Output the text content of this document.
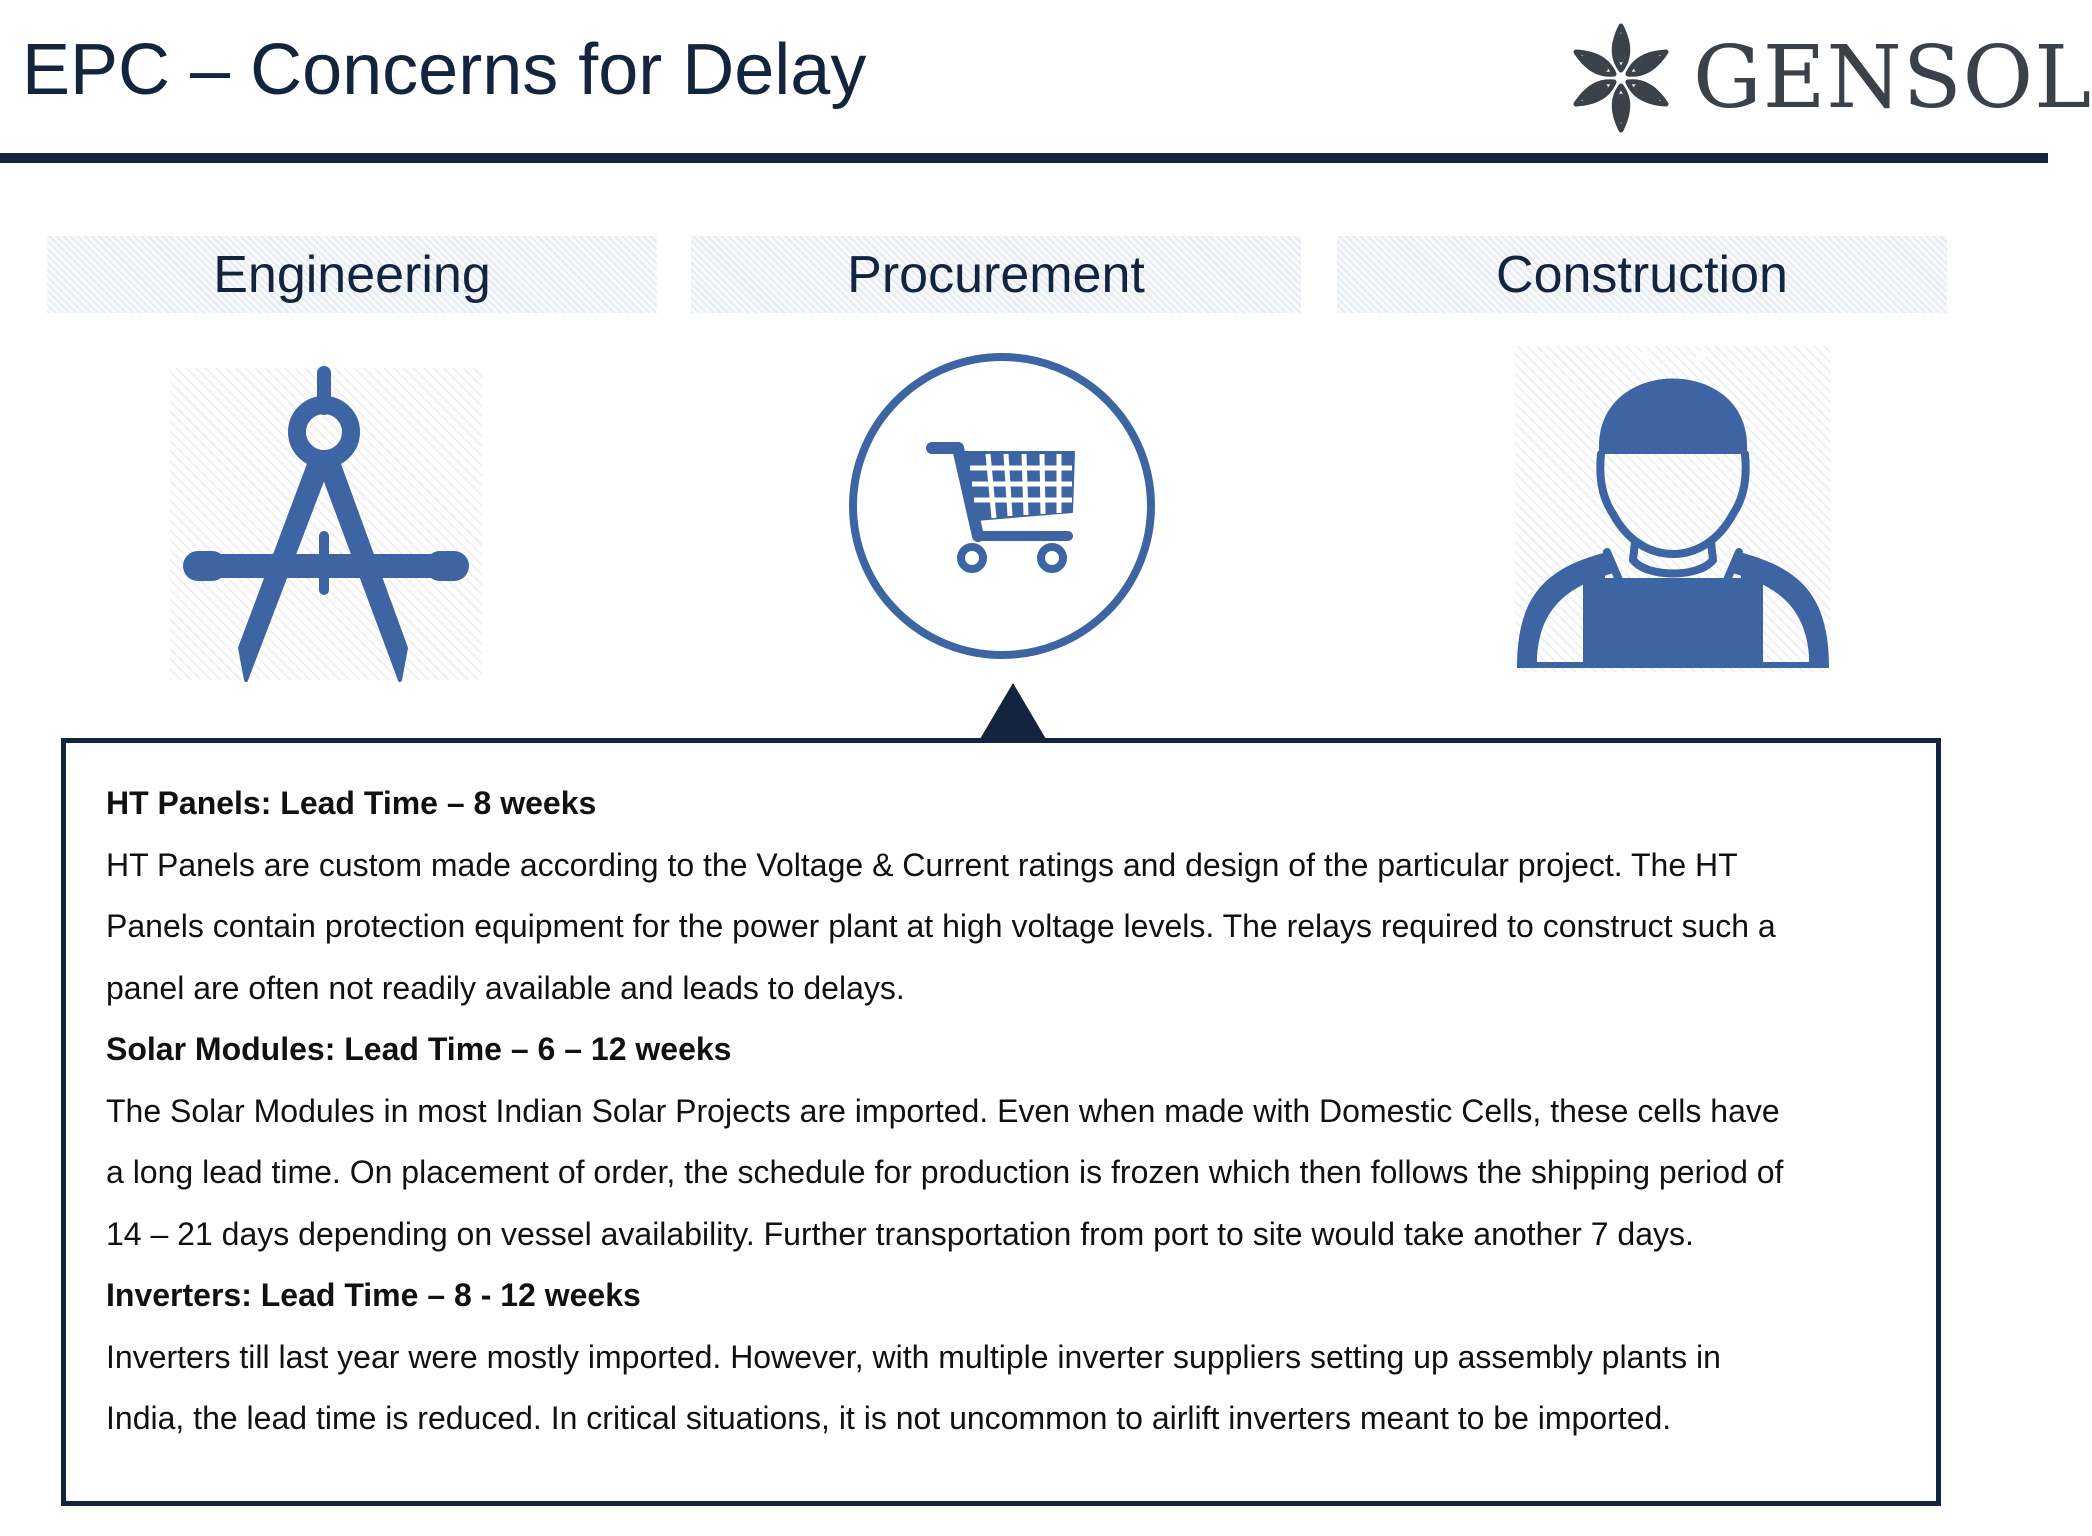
EPC – Concerns for Delay	GENSOL
Engineering	Procurement	Construction

HT Panels: Lead Time – 8 weeks

HT Panels are custom made according to the Voltage & Current ratings and design of the particular project. The HT

Panels contain protection equipment for the power plant at high voltage levels. The relays required to construct such a

panel are often not readily available and leads to delays.

Solar Modules: Lead Time – 6 – 12 weeks

The Solar Modules in most Indian Solar Projects are imported. Even when made with Domestic Cells, these cells have

a long lead time. On placement of order, the schedule for production is frozen which then follows the shipping period of

14 – 21 days depending on vessel availability. Further transportation from port to site would take another 7 days.

Inverters: Lead Time – 8 - 12 weeks

Inverters till last year were mostly imported. However, with multiple inverter suppliers setting up assembly plants in

India, the lead time is reduced. In critical situations, it is not uncommon to airlift inverters meant to be imported.
